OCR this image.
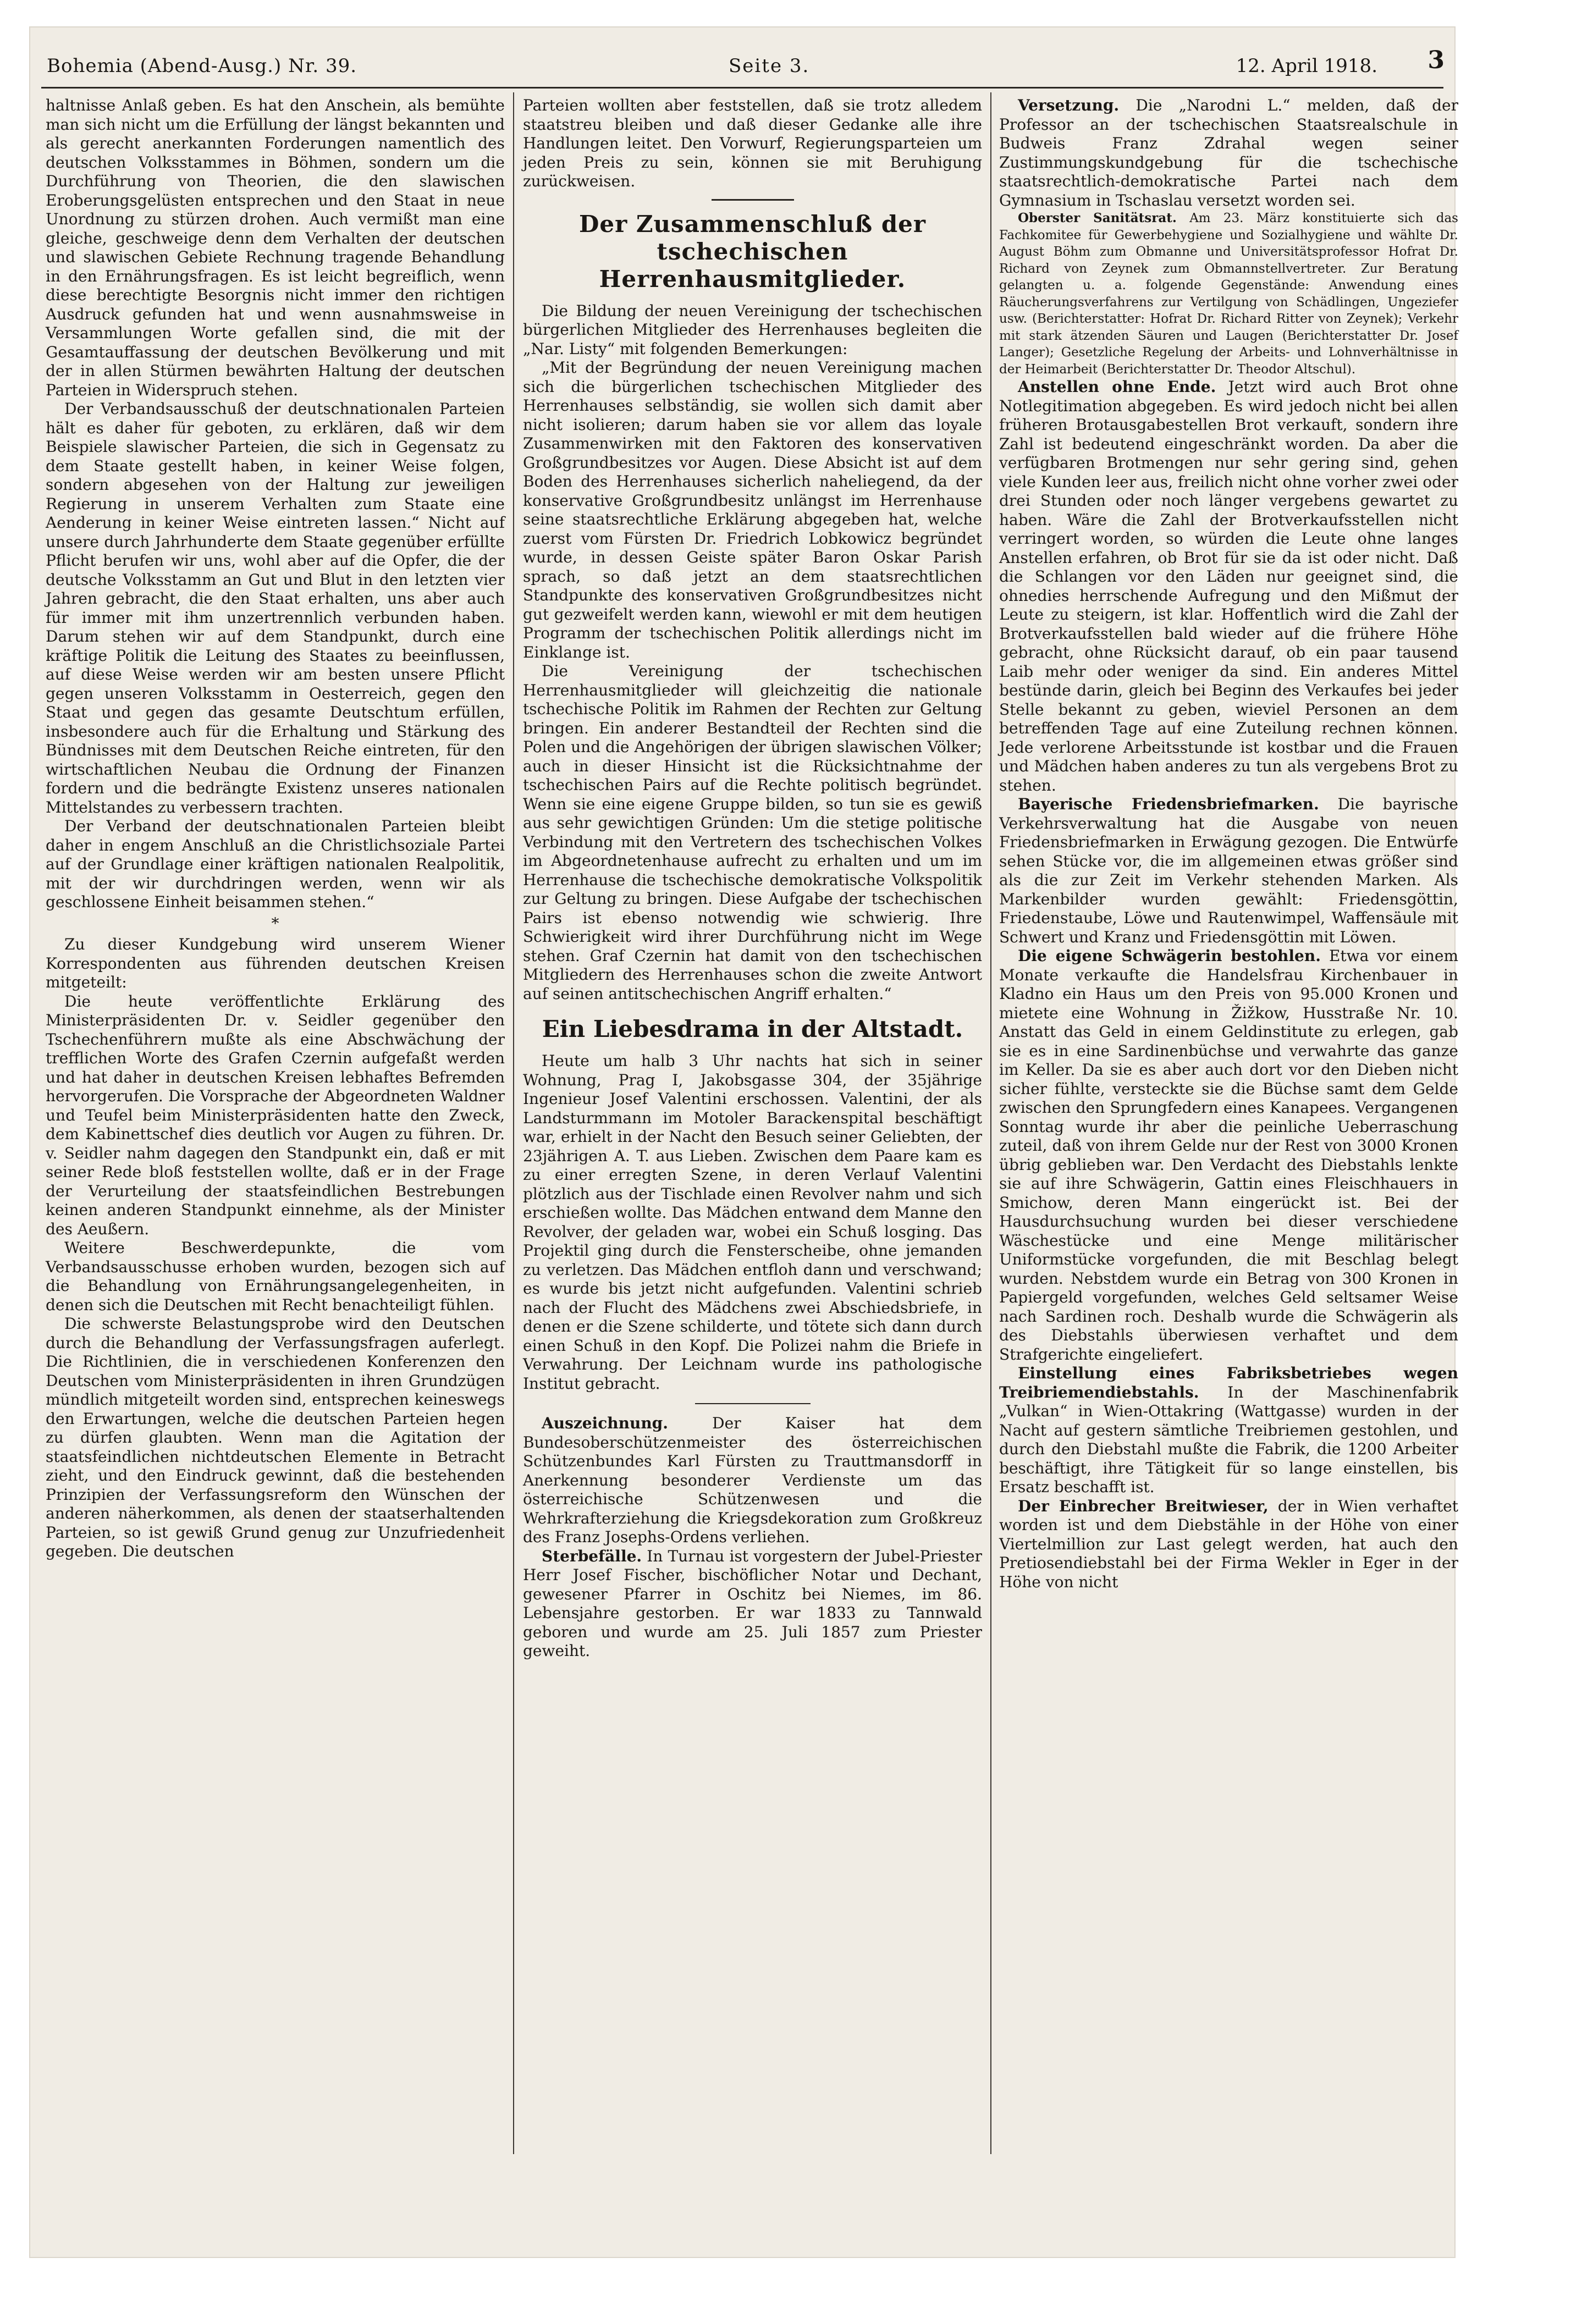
Bohemia (Abend-Ausg.) Nr. 39.	Seite 3.	12. April 1918. 3

haltnisse Anlaß geben. Es hat den Anschein, als bemühte man sich nicht um die Erfüllung der längst bekannten und als gerecht anerkannten Forderungen namentlich des deutschen Volksstammes in Böhmen, sondern um die Durchführung von Theorien, die den slawischen Eroberungsgelüsten entsprechen und den Staat in neue Unordnung zu stürzen drohen. Auch vermißt man eine gleiche, geschweige denn dem Verhalten der deutschen und slawischen Gebiete Rechnung tragende Behandlung in den Ernährungsfragen. Es ist leicht begreiflich, wenn diese berechtigte Besorgnis nicht immer den richtigen Ausdruck gefunden hat und wenn ausnahmsweise in Versammlungen Worte gefallen sind, die mit der Gesamtauffassung der deutschen Bevölkerung und mit der in allen Stürmen bewährten Haltung der deutschen Parteien in Widerspruch stehen.

Der Verbandsausschuß der deutschnationalen Parteien hält es daher für geboten, zu erklären, daß wir dem Beispiele slawischer Parteien, die sich in Gegensatz zu dem Staate gestellt haben, in keiner Weise folgen, sondern abgesehen von der Haltung zur jeweiligen Regierung in unserem Verhalten zum Staate eine Aenderung in keiner Weise eintreten lassen.“ Nicht auf unsere durch Jahrhunderte dem Staate gegenüber erfüllte Pflicht berufen wir uns, wohl aber auf die Opfer, die der deutsche Volksstamm an Gut und Blut in den letzten vier Jahren gebracht, die den Staat erhalten, uns aber auch für immer mit ihm unzertrennlich verbunden haben. Darum stehen wir auf dem Standpunkt, durch eine kräftige Politik die Leitung des Staates zu beeinflussen, auf diese Weise werden wir am besten unsere Pflicht gegen unseren Volksstamm in Oesterreich, gegen den Staat und gegen das gesamte Deutschtum erfüllen, insbesondere auch für die Erhaltung und Stärkung des Bündnisses mit dem Deutschen Reiche eintreten, für den wirtschaftlichen Neubau die Ordnung der Finanzen fordern und die bedrängte Existenz unseres nationalen Mittelstandes zu verbessern trachten.

Der Verband der deutschnationalen Parteien bleibt daher in engem Anschluß an die Christlichsoziale Partei auf der Grundlage einer kräftigen nationalen Realpolitik, mit der wir durchdringen werden, wenn wir als geschlossene Einheit beisammen stehen.“

*

Zu dieser Kundgebung wird unserem Wiener Korrespondenten aus führenden deutschen Kreisen mitgeteilt:

Die heute veröffentlichte Erklärung des Ministerpräsidenten Dr. v. Seidler gegenüber den Tschechenführern mußte als eine Abschwächung der trefflichen Worte des Grafen Czernin aufgefaßt werden und hat daher in deutschen Kreisen lebhaftes Befremden hervorgerufen. Die Vorsprache der Abgeordneten Waldner und Teufel beim Ministerpräsidenten hatte den Zweck, dem Kabinettschef dies deutlich vor Augen zu führen. Dr. v. Seidler nahm dagegen den Standpunkt ein, daß er mit seiner Rede bloß feststellen wollte, daß er in der Frage der Verurteilung der staatsfeindlichen Bestrebungen keinen anderen Standpunkt einnehme, als der Minister des Aeußern.

Weitere Beschwerdepunkte, die vom Verbandsausschusse erhoben wurden, bezogen sich auf die Behandlung von Ernährungsangelegenheiten, in denen sich die Deutschen mit Recht benachteiligt fühlen.

Die schwerste Belastungsprobe wird den Deutschen durch die Behandlung der Verfassungsfragen auferlegt. Die Richtlinien, die in verschiedenen Konferenzen den Deutschen vom Ministerpräsidenten in ihren Grundzügen mündlich mitgeteilt worden sind, entsprechen keineswegs den Erwartungen, welche die deutschen Parteien hegen zu dürfen glaubten. Wenn man die Agitation der staatsfeindlichen nichtdeutschen Elemente in Betracht zieht, und den Eindruck gewinnt, daß die bestehenden Prinzipien der Verfassungsreform den Wünschen der anderen näherkommen, als denen der staatserhaltenden Parteien, so ist gewiß Grund genug zur Unzufriedenheit gegeben. Die deutschen

Parteien wollten aber feststellen, daß sie trotz alledem staatstreu bleiben und daß dieser Gedanke alle ihre Handlungen leitet. Den Vorwurf, Regierungsparteien um jeden Preis zu sein, können sie mit Beruhigung zurückweisen.

Der Zusammenschluß der tschechischen Herrenhausmitglieder.

Die Bildung der neuen Vereinigung der tschechischen bürgerlichen Mitglieder des Herrenhauses begleiten die „Nar. Listy“ mit folgenden Bemerkungen:

„Mit der Begründung der neuen Vereinigung machen sich die bürgerlichen tschechischen Mitglieder des Herrenhauses selbständig, sie wollen sich damit aber nicht isolieren; darum haben sie vor allem das loyale Zusammenwirken mit den Faktoren des konservativen Großgrundbesitzes vor Augen. Diese Absicht ist auf dem Boden des Herrenhauses sicherlich naheliegend, da der konservative Großgrundbesitz unlängst im Herrenhause seine staatsrechtliche Erklärung abgegeben hat, welche zuerst vom Fürsten Dr. Friedrich Lobkowicz begründet wurde, in dessen Geiste später Baron Oskar Parish sprach, so daß jetzt an dem staatsrechtlichen Standpunkte des konservativen Großgrundbesitzes nicht gut gezweifelt werden kann, wiewohl er mit dem heutigen Programm der tschechischen Politik allerdings nicht im Einklange ist.

Die Vereinigung der tschechischen Herrenhausmitglieder will gleichzeitig die nationale tschechische Politik im Rahmen der Rechten zur Geltung bringen. Ein anderer Bestandteil der Rechten sind die Polen und die Angehörigen der übrigen slawischen Völker; auch in dieser Hinsicht ist die Rücksichtnahme der tschechischen Pairs auf die Rechte politisch begründet. Wenn sie eine eigene Gruppe bilden, so tun sie es gewiß aus sehr gewichtigen Gründen: Um die stetige politische Verbindung mit den Vertretern des tschechischen Volkes im Abgeordnetenhause aufrecht zu erhalten und um im Herrenhause die tschechische demokratische Volkspolitik zur Geltung zu bringen. Diese Aufgabe der tschechischen Pairs ist ebenso notwendig wie schwierig. Ihre Schwierigkeit wird ihrer Durchführung nicht im Wege stehen. Graf Czernin hat damit von den tschechischen Mitgliedern des Herrenhauses schon die zweite Antwort auf seinen antitschechischen Angriff erhalten.“

Ein Liebesdrama in der Altstadt.

Heute um halb 3 Uhr nachts hat sich in seiner Wohnung, Prag I, Jakobsgasse 304, der 35jährige Ingenieur Josef Valentini erschossen. Valentini, der als Landsturmmann im Motoler Barackenspital beschäftigt war, erhielt in der Nacht den Besuch seiner Geliebten, der 23jährigen A. T. aus Lieben. Zwischen dem Paare kam es zu einer erregten Szene, in deren Verlauf Valentini plötzlich aus der Tischlade einen Revolver nahm und sich erschießen wollte. Das Mädchen entwand dem Manne den Revolver, der geladen war, wobei ein Schuß losging. Das Projektil ging durch die Fensterscheibe, ohne jemanden zu verletzen. Das Mädchen entfloh dann und verschwand; es wurde bis jetzt nicht aufgefunden. Valentini schrieb nach der Flucht des Mädchens zwei Abschiedsbriefe, in denen er die Szene schilderte, und tötete sich dann durch einen Schuß in den Kopf. Die Polizei nahm die Briefe in Verwahrung. Der Leichnam wurde ins pathologische Institut gebracht.

Auszeichnung. Der Kaiser hat dem Bundesoberschützenmeister des österreichischen Schützenbundes Karl Fürsten zu Trauttmansdorff in Anerkennung besonderer Verdienste um das österreichische Schützenwesen und die Wehrkrafterziehung die Kriegsdekoration zum Großkreuz des Franz Josephs-Ordens verliehen.

Sterbefälle. In Turnau ist vorgestern der Jubel-Priester Herr Josef Fischer, bischöflicher Notar und Dechant, gewesener Pfarrer in Oschitz bei Niemes, im 86. Lebensjahre gestorben. Er war 1833 zu Tannwald geboren und wurde am 25. Juli 1857 zum Priester geweiht.

Versetzung. Die „Narodni L.“ melden, daß der Professor an der tschechischen Staatsrealschule in Budweis Franz Zdrahal wegen seiner Zustimmungskundgebung für die tschechische staatsrechtlich-demokratische Partei nach dem Gymnasium in Tschaslau versetzt worden sei.

Oberster Sanitätsrat. Am 23. März konstituierte sich das Fachkomitee für Gewerbehygiene und Sozialhygiene und wählte Dr. August Böhm zum Obmanne und Universitätsprofessor Hofrat Dr. Richard von Zeynek zum Obmannstellvertreter. Zur Beratung gelangten u. a. folgende Gegenstände: Anwendung eines Räucherungsverfahrens zur Vertilgung von Schädlingen, Ungeziefer usw. (Berichterstatter: Hofrat Dr. Richard Ritter von Zeynek); Verkehr mit stark ätzenden Säuren und Laugen (Berichterstatter Dr. Josef Langer); Gesetzliche Regelung der Arbeits- und Lohnverhältnisse in der Heimarbeit (Berichterstatter Dr. Theodor Altschul).

Anstellen ohne Ende. Jetzt wird auch Brot ohne Notlegitimation abgegeben. Es wird jedoch nicht bei allen früheren Brotausgabestellen Brot verkauft, sondern ihre Zahl ist bedeutend eingeschränkt worden. Da aber die verfügbaren Brotmengen nur sehr gering sind, gehen viele Kunden leer aus, freilich nicht ohne vorher zwei oder drei Stunden oder noch länger vergebens gewartet zu haben. Wäre die Zahl der Brotverkaufsstellen nicht verringert worden, so würden die Leute ohne langes Anstellen erfahren, ob Brot für sie da ist oder nicht. Daß die Schlangen vor den Läden nur geeignet sind, die ohnedies herrschende Aufregung und den Mißmut der Leute zu steigern, ist klar. Hoffentlich wird die Zahl der Brotverkaufsstellen bald wieder auf die frühere Höhe gebracht, ohne Rücksicht darauf, ob ein paar tausend Laib mehr oder weniger da sind. Ein anderes Mittel bestünde darin, gleich bei Beginn des Verkaufes bei jeder Stelle bekannt zu geben, wieviel Personen an dem betreffenden Tage auf eine Zuteilung rechnen können. Jede verlorene Arbeitsstunde ist kostbar und die Frauen und Mädchen haben anderes zu tun als vergebens Brot zu stehen.

Bayerische Friedensbriefmarken. Die bayrische Verkehrsverwaltung hat die Ausgabe von neuen Friedensbriefmarken in Erwägung gezogen. Die Entwürfe sehen Stücke vor, die im allgemeinen etwas größer sind als die zur Zeit im Verkehr stehenden Marken. Als Markenbilder wurden gewählt: Friedensgöttin, Friedenstaube, Löwe und Rautenwimpel, Waffensäule mit Schwert und Kranz und Friedensgöttin mit Löwen.

Die eigene Schwägerin bestohlen. Etwa vor einem Monate verkaufte die Handelsfrau Kirchenbauer in Kladno ein Haus um den Preis von 95.000 Kronen und mietete eine Wohnung in Žižkow, Husstraße Nr. 10. Anstatt das Geld in einem Geldinstitute zu erlegen, gab sie es in eine Sardinenbüchse und verwahrte das ganze im Keller. Da sie es aber auch dort vor den Dieben nicht sicher fühlte, versteckte sie die Büchse samt dem Gelde zwischen den Sprungfedern eines Kanapees. Vergangenen Sonntag wurde ihr aber die peinliche Ueberraschung zuteil, daß von ihrem Gelde nur der Rest von 3000 Kronen übrig geblieben war. Den Verdacht des Diebstahls lenkte sie auf ihre Schwägerin, Gattin eines Fleischhauers in Smichow, deren Mann eingerückt ist. Bei der Hausdurchsuchung wurden bei dieser verschiedene Wäschestücke und eine Menge militärischer Uniformstücke vorgefunden, die mit Beschlag belegt wurden. Nebstdem wurde ein Betrag von 300 Kronen in Papiergeld vorgefunden, welches Geld seltsamer Weise nach Sardinen roch. Deshalb wurde die Schwägerin als des Diebstahls überwiesen verhaftet und dem Strafgerichte eingeliefert.

Einstellung eines Fabriksbetriebes wegen Treibriemendiebstahls. In der Maschinenfabrik „Vulkan“ in Wien-Ottakring (Wattgasse) wurden in der Nacht auf gestern sämtliche Treibriemen gestohlen, und durch den Diebstahl mußte die Fabrik, die 1200 Arbeiter beschäftigt, ihre Tätigkeit für so lange einstellen, bis Ersatz beschafft ist.

Der Einbrecher Breitwieser, der in Wien verhaftet worden ist und dem Diebstähle in der Höhe von einer Viertelmillion zur Last gelegt werden, hat auch den Pretiosendiebstahl bei der Firma Wekler in Eger in der Höhe von nicht
